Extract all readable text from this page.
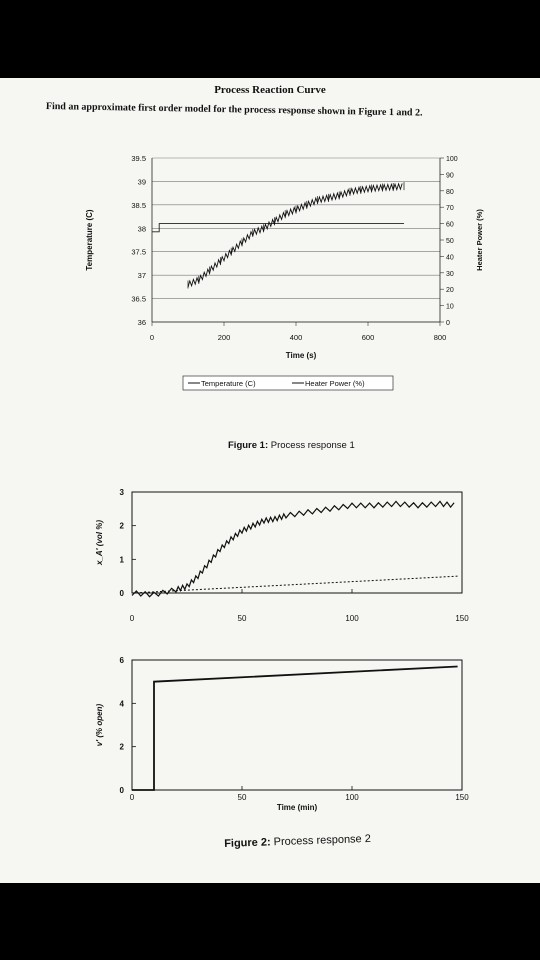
Process Reaction Curve
Find an approximate first order model for the process response shown in Figure 1 and 2.
36
36.5
37
37.5
38
38.5
39
39.5
0
10
20
30
40
50
60
70
80
90
100
0	200	400	600	800
Temperature (C)	Heater Power (%)
Time (s)
Temperature (C)	Heater Power (%)
0
1
2
3
0	50	100	150
x_A' (vol %)
0
2
4
6
0	50	100	150
v' (% open)
Time (min)
Figure 1: Process response 1
Figure 2: Process response 2
